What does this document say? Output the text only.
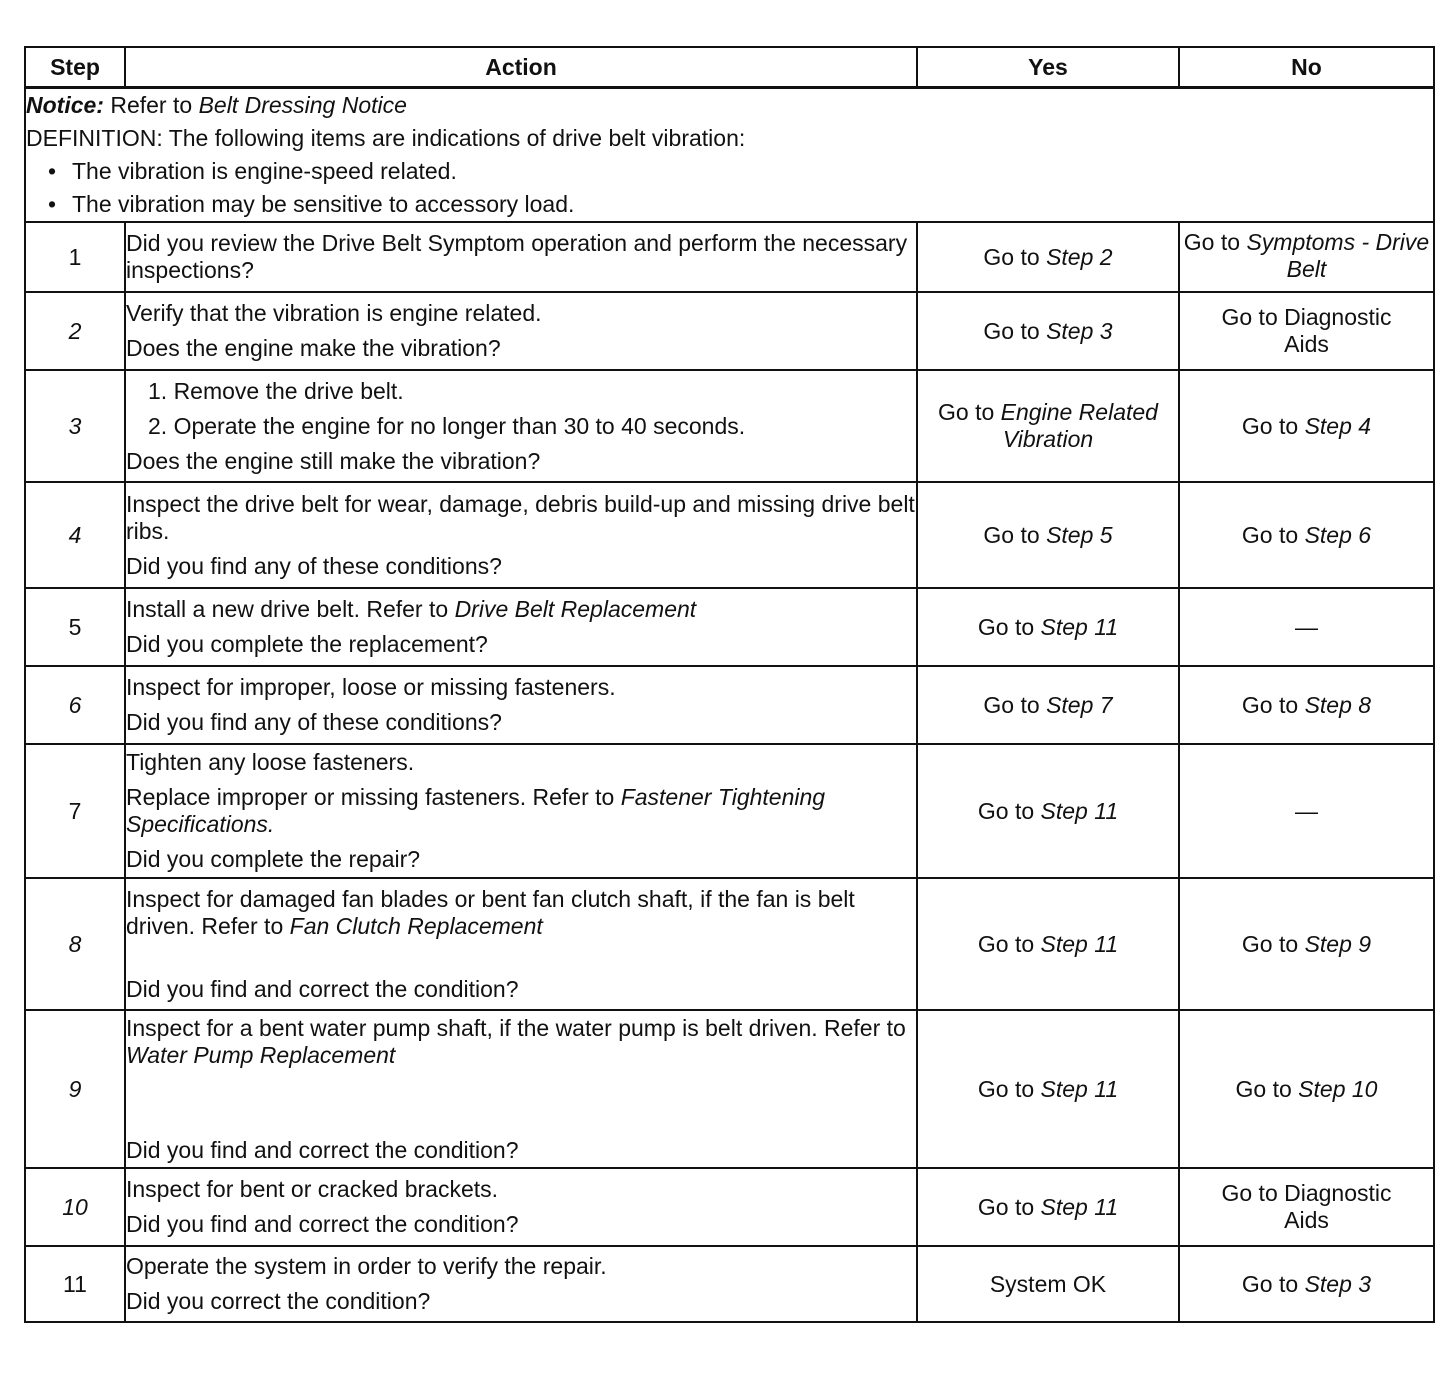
Step	Action	Yes	No

Notice: Refer to Belt Dressing Notice
DEFINITION: The following items are indications of drive belt vibration:
• The vibration is engine-speed related.
• The vibration may be sensitive to accessory load.

1	Did you review the Drive Belt Symptom operation and perform the necessary inspections?	Go to Step 2	Go to Symptoms - Drive Belt
2	Verify that the vibration is engine related.
Does the engine make the vibration?	Go to Step 3	Go to Diagnostic Aids
3	1. Remove the drive belt.
2. Operate the engine for no longer than 30 to 40 seconds.
Does the engine still make the vibration?	Go to Engine Related Vibration	Go to Step 4
4	Inspect the drive belt for wear, damage, debris build-up and missing drive belt ribs.
Did you find any of these conditions?	Go to Step 5	Go to Step 6
5	Install a new drive belt. Refer to Drive Belt Replacement
Did you complete the replacement?	Go to Step 11	—
6	Inspect for improper, loose or missing fasteners.
Did you find any of these conditions?	Go to Step 7	Go to Step 8
7	Tighten any loose fasteners.
Replace improper or missing fasteners. Refer to Fastener Tightening Specifications.
Did you complete the repair?	Go to Step 11	—
8	Inspect for damaged fan blades or bent fan clutch shaft, if the fan is belt driven. Refer to Fan Clutch Replacement
Did you find and correct the condition?	Go to Step 11	Go to Step 9
9	Inspect for a bent water pump shaft, if the water pump is belt driven. Refer to Water Pump Replacement
Did you find and correct the condition?	Go to Step 11	Go to Step 10
10	Inspect for bent or cracked brackets.
Did you find and correct the condition?	Go to Step 11	Go to Diagnostic Aids
11	Operate the system in order to verify the repair.
Did you correct the condition?	System OK	Go to Step 3
